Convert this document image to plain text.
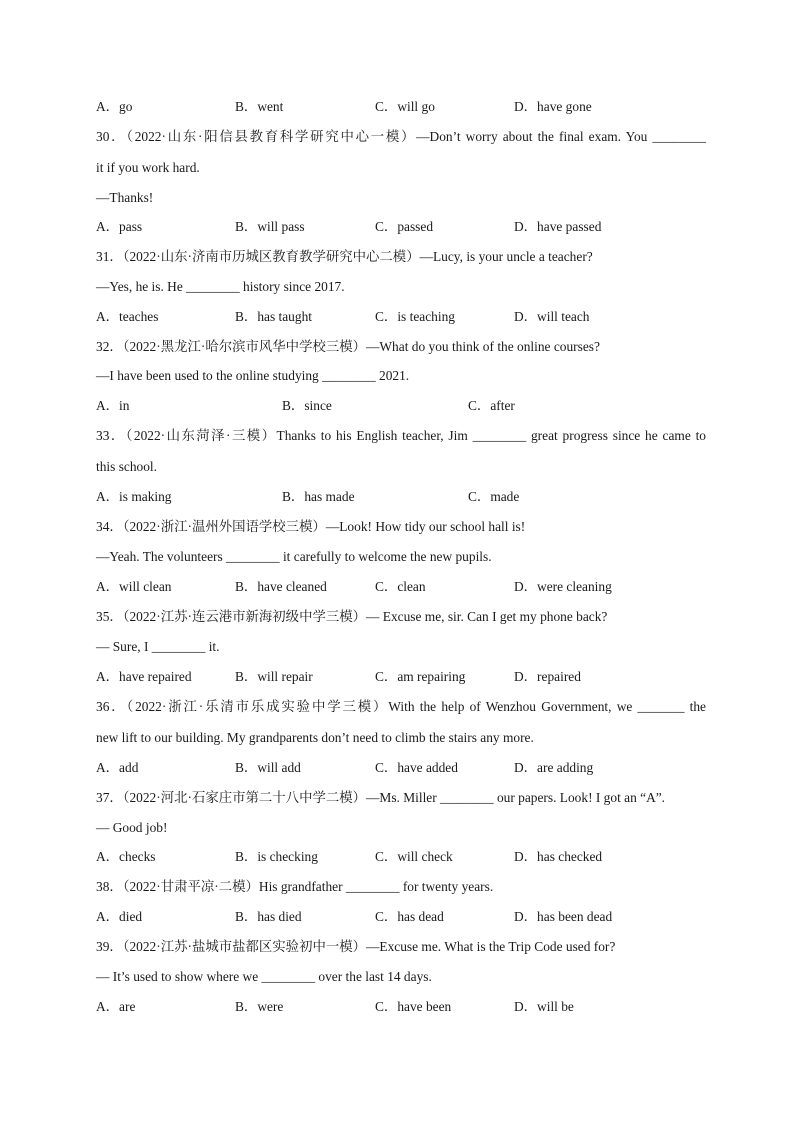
A．go	B．went	C．will go	D．have gone
30．（2022·山东·阳信县教育科学研究中心一模）—Don’t worry about the final exam. You ________
it if you work hard.
—Thanks!
A．pass	B．will pass	C．passed	D．have passed
31．（2022·山东·济南市历城区教育教学研究中心二模）—Lucy, is your uncle a teacher?
—Yes, he is. He ________ history since 2017.
A．teaches	B．has taught	C．is teaching	D．will teach
32．（2022·黑龙江·哈尔滨市风华中学校三模）—What do you think of the online courses?
—I have been used to the online studying ________ 2021.
A．in	B．since	C．after
33．（2022·山东菏泽·三模）Thanks to his English teacher, Jim ________ great progress since he came to
this school.
A．is making	B．has made	C．made
34．（2022·浙江·温州外国语学校三模）—Look! How tidy our school hall is!
—Yeah. The volunteers ________ it carefully to welcome the new pupils.
A．will clean	B．have cleaned	C．clean	D．were cleaning
35．（2022·江苏·连云港市新海初级中学三模）— Excuse me, sir. Can I get my phone back?
— Sure, I ________ it.
A．have repaired	B．will repair	C．am repairing	D．repaired
36．（2022·浙江·乐清市乐成实验中学三模）With the help of Wenzhou Government, we _______ the
new lift to our building. My grandparents don’t need to climb the stairs any more.
A．add	B．will add	C．have added	D．are adding
37．（2022·河北·石家庄市第二十八中学二模）—Ms. Miller ________ our papers. Look! I got an “A”.
— Good job!
A．checks	B．is checking	C．will check	D．has checked
38．（2022·甘肃平凉·二模）His grandfather ________ for twenty years.
A．died	B．has died	C．has dead	D．has been dead
39．（2022·江苏·盐城市盐都区实验初中一模）—Excuse me. What is the Trip Code used for?
— It’s used to show where we ________ over the last 14 days.
A．are	B．were	C．have been	D．will be
